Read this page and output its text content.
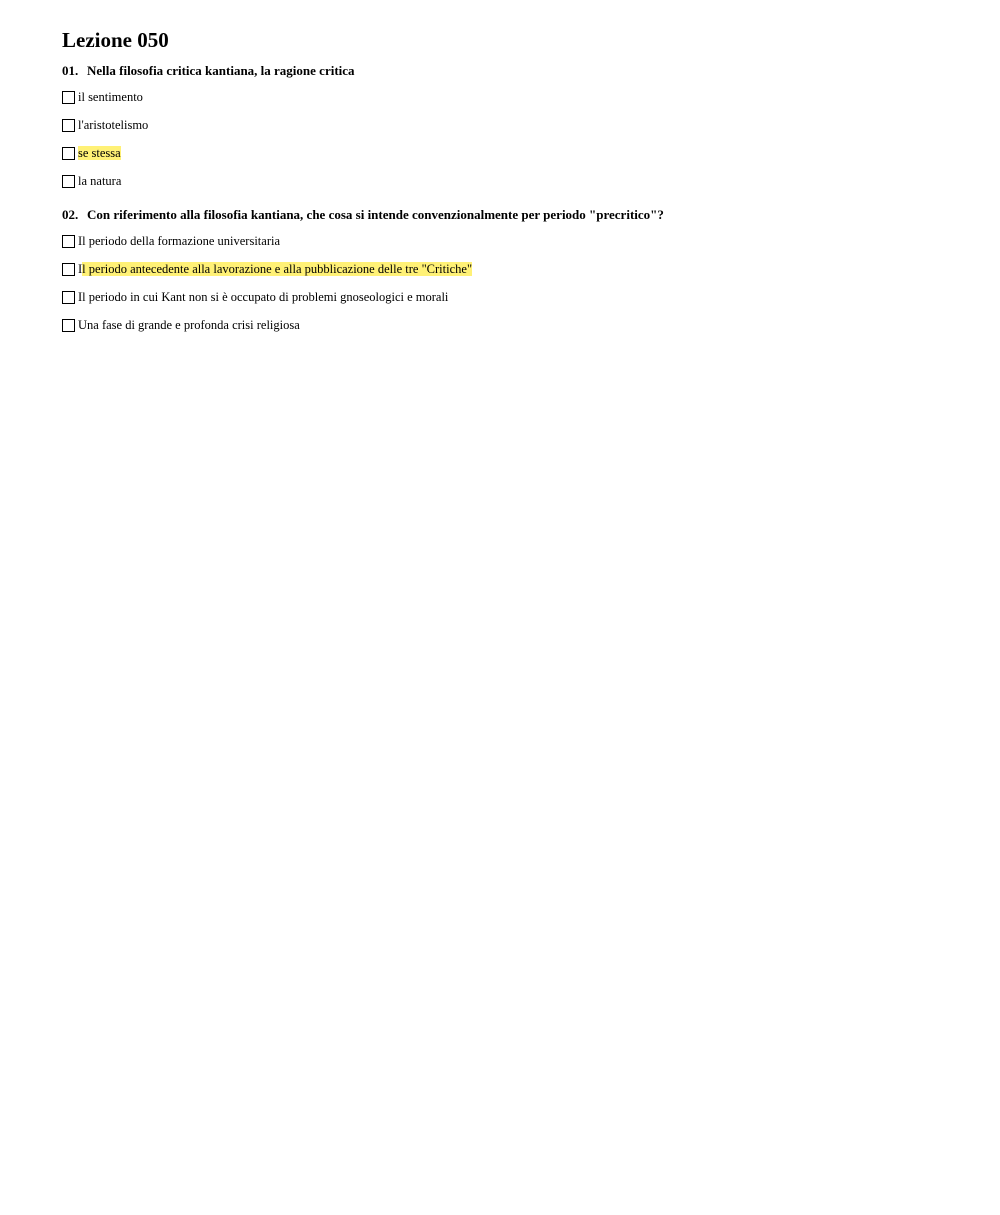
Lezione 050
01. Nella filosofia critica kantiana, la ragione critica
il sentimento
l'aristotelismo
se stessa
la natura
02. Con riferimento alla filosofia kantiana, che cosa si intende convenzionalmente per periodo "precritico"?
Il periodo della formazione universitaria
Il periodo antecedente alla lavorazione e alla pubblicazione delle tre "Critiche"
Il periodo in cui Kant non si è occupato di problemi gnoseologici e morali
Una fase di grande e profonda crisi religiosa
